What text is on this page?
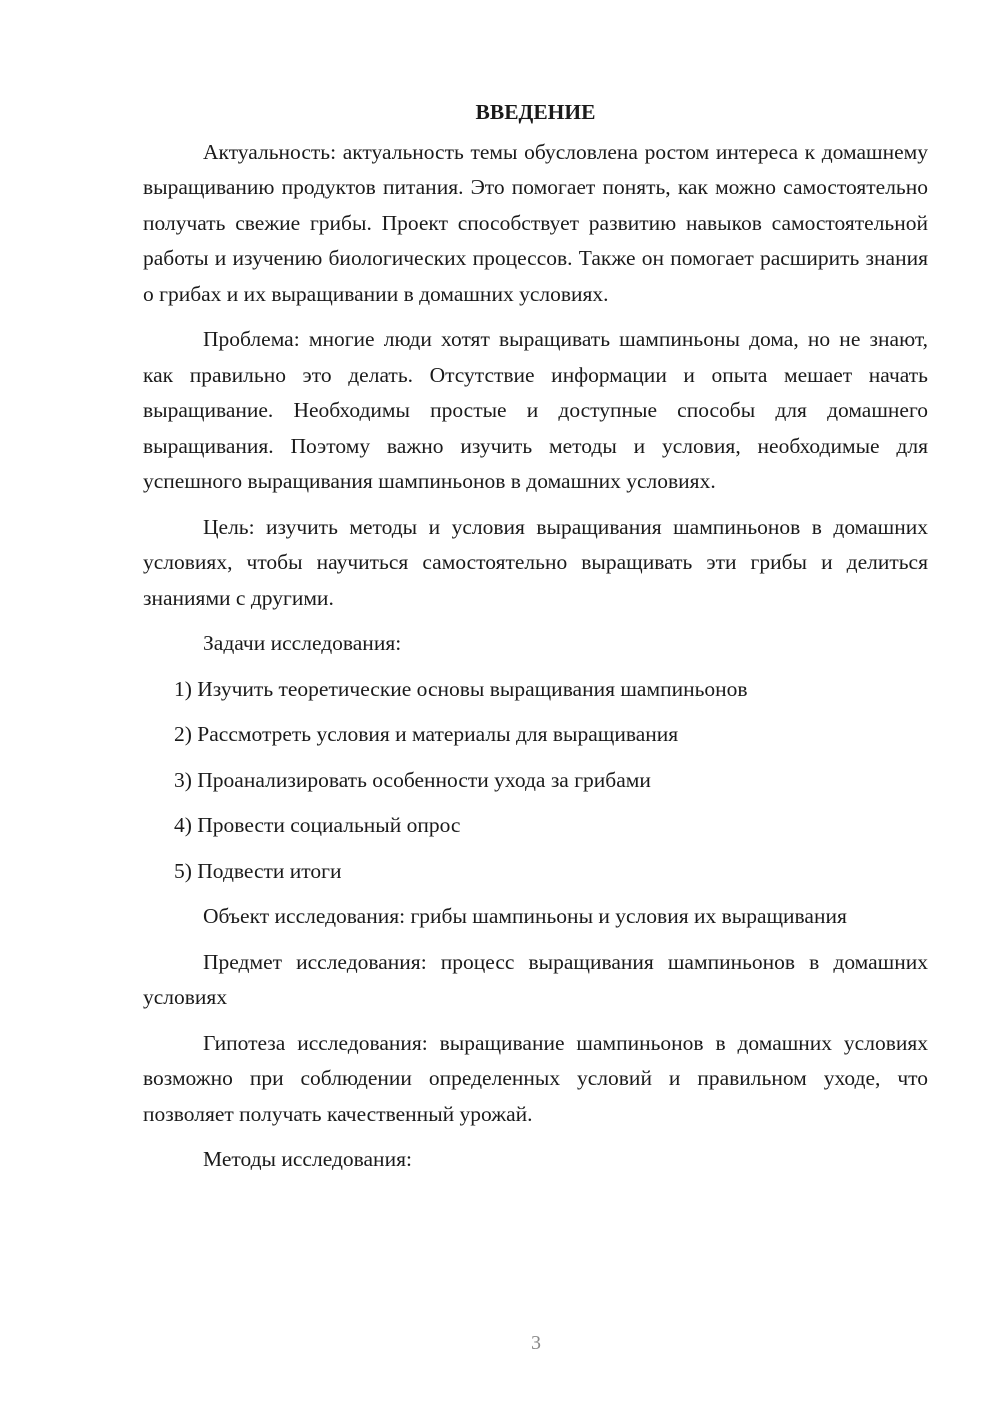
ВВЕДЕНИЕ

Актуальность: актуальность темы обусловлена ростом интереса к домашнему выращиванию продуктов питания. Это помогает понять, как можно самостоятельно получать свежие грибы. Проект способствует развитию навыков самостоятельной работы и изучению биологических процессов. Также он помогает расширить знания о грибах и их выращивании в домашних условиях.

Проблема: многие люди хотят выращивать шампиньоны дома, но не знают, как правильно это делать. Отсутствие информации и опыта мешает начать выращивание. Необходимы простые и доступные способы для домашнего выращивания. Поэтому важно изучить методы и условия, необходимые для успешного выращивания шампиньонов в домашних условиях.

Цель: изучить методы и условия выращивания шампиньонов в домашних условиях, чтобы научиться самостоятельно выращивать эти грибы и делиться знаниями с другими.

Задачи исследования:

1) Изучить теоретические основы выращивания шампиньонов
2) Рассмотреть условия и материалы для выращивания
3) Проанализировать особенности ухода за грибами
4) Провести социальный опрос
5) Подвести итоги

Объект исследования: грибы шампиньоны и условия их выращивания

Предмет исследования: процесс выращивания шампиньонов в домашних условиях

Гипотеза исследования: выращивание шампиньонов в домашних условиях возможно при соблюдении определенных условий и правильном уходе, что позволяет получать качественный урожай.

Методы исследования:

3
